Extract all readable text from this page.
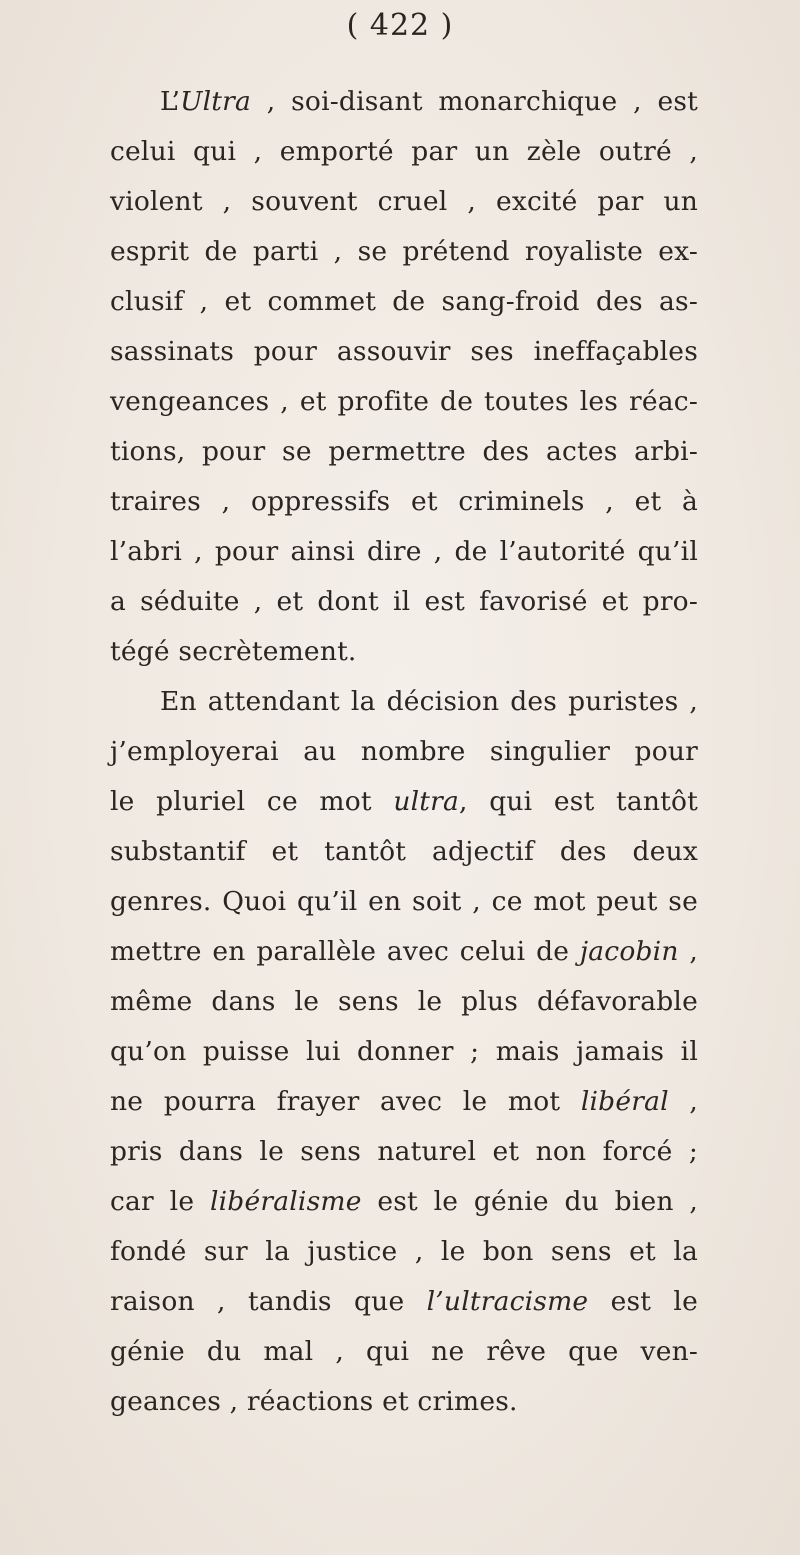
( 422 )
L’Ultra , soi-disant monarchique , est
celui qui , emporté par un zèle outré ,
violent , souvent cruel , excité par un
esprit de parti , se prétend royaliste ex-
clusif , et commet de sang-froid des as-
sassinats pour assouvir ses ineffaçables
vengeances , et profite de toutes les réac-
tions, pour se permettre des actes arbi-
traires , oppressifs et criminels , et à
l’abri , pour ainsi dire , de l’autorité qu’il
a séduite , et dont il est favorisé et pro-
tégé secrètement.
En attendant la décision des puristes ,
j’employerai au nombre singulier pour
le pluriel ce mot ultra, qui est tantôt
substantif et tantôt adjectif des deux
genres. Quoi qu’il en soit , ce mot peut se
mettre en parallèle avec celui de jacobin ,
même dans le sens le plus défavorable
qu’on puisse lui donner ; mais jamais il
ne pourra frayer avec le mot libéral ,
pris dans le sens naturel et non forcé ;
car le libéralisme est le génie du bien ,
fondé sur la justice , le bon sens et la
raison , tandis que l’ultracisme est le
génie du mal , qui ne rêve que ven-
geances , réactions et crimes.
